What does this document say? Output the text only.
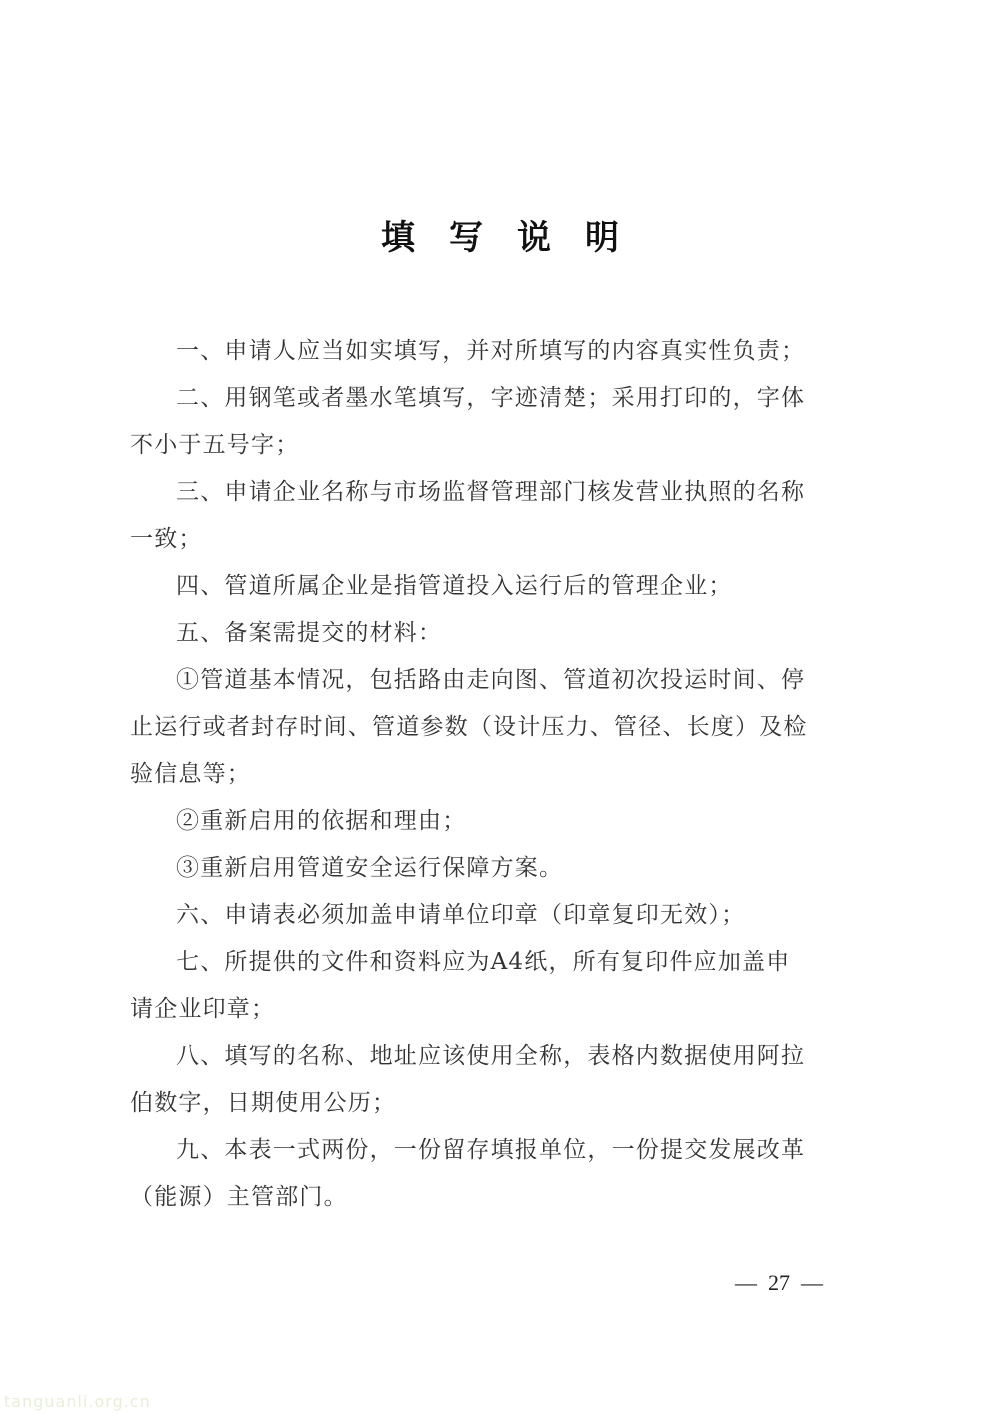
填写说明
一、申请人应当如实填写，并对所填写的内容真实性负责；
二、用钢笔或者墨水笔填写，字迹清楚；采用打印的，字体
不小于五号字；
三、申请企业名称与市场监督管理部门核发营业执照的名称
一致；
四、管道所属企业是指管道投入运行后的管理企业；
五、备案需提交的材料：
①管道基本情况，包括路由走向图、管道初次投运时间、停
止运行或者封存时间、管道参数（设计压力、管径、长度）及检
验信息等；
②重新启用的依据和理由；
③重新启用管道安全运行保障方案。
六、申请表必须加盖申请单位印章（印章复印无效）；
七、所提供的文件和资料应为A4纸，所有复印件应加盖申
请企业印章；
八、填写的名称、地址应该使用全称，表格内数据使用阿拉
伯数字，日期使用公历；
九、本表一式两份，一份留存填报单位，一份提交发展改革
（能源）主管部门。
—  27  —
tanguanli.org.cn
